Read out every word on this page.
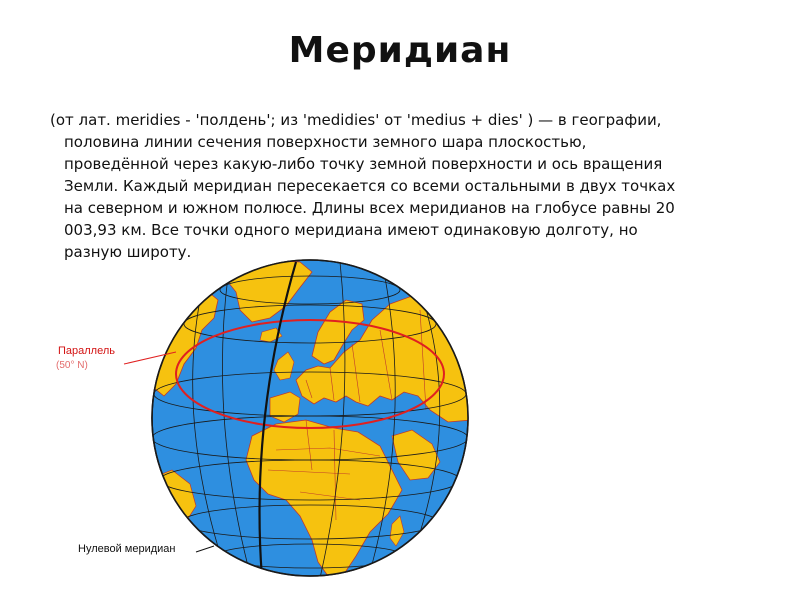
Меридиан

(от лат. meridies - 'полдень'; из 'medidies' от 'medius + dies' ) — в географии,
половина линии сечения поверхности земного шара плоскостью,
проведённой через какую-либо точку земной поверхности и ось вращения
Земли. Каждый меридиан пересекается со всеми остальными в двух точках
на северном и южном полюсе. Длины всех меридианов на глобусе равны 20
003,93 км. Все точки одного меридиана имеют одинаковую долготу, но
разную широту.

Параллель
(50° N)
Нулевой меридиан
